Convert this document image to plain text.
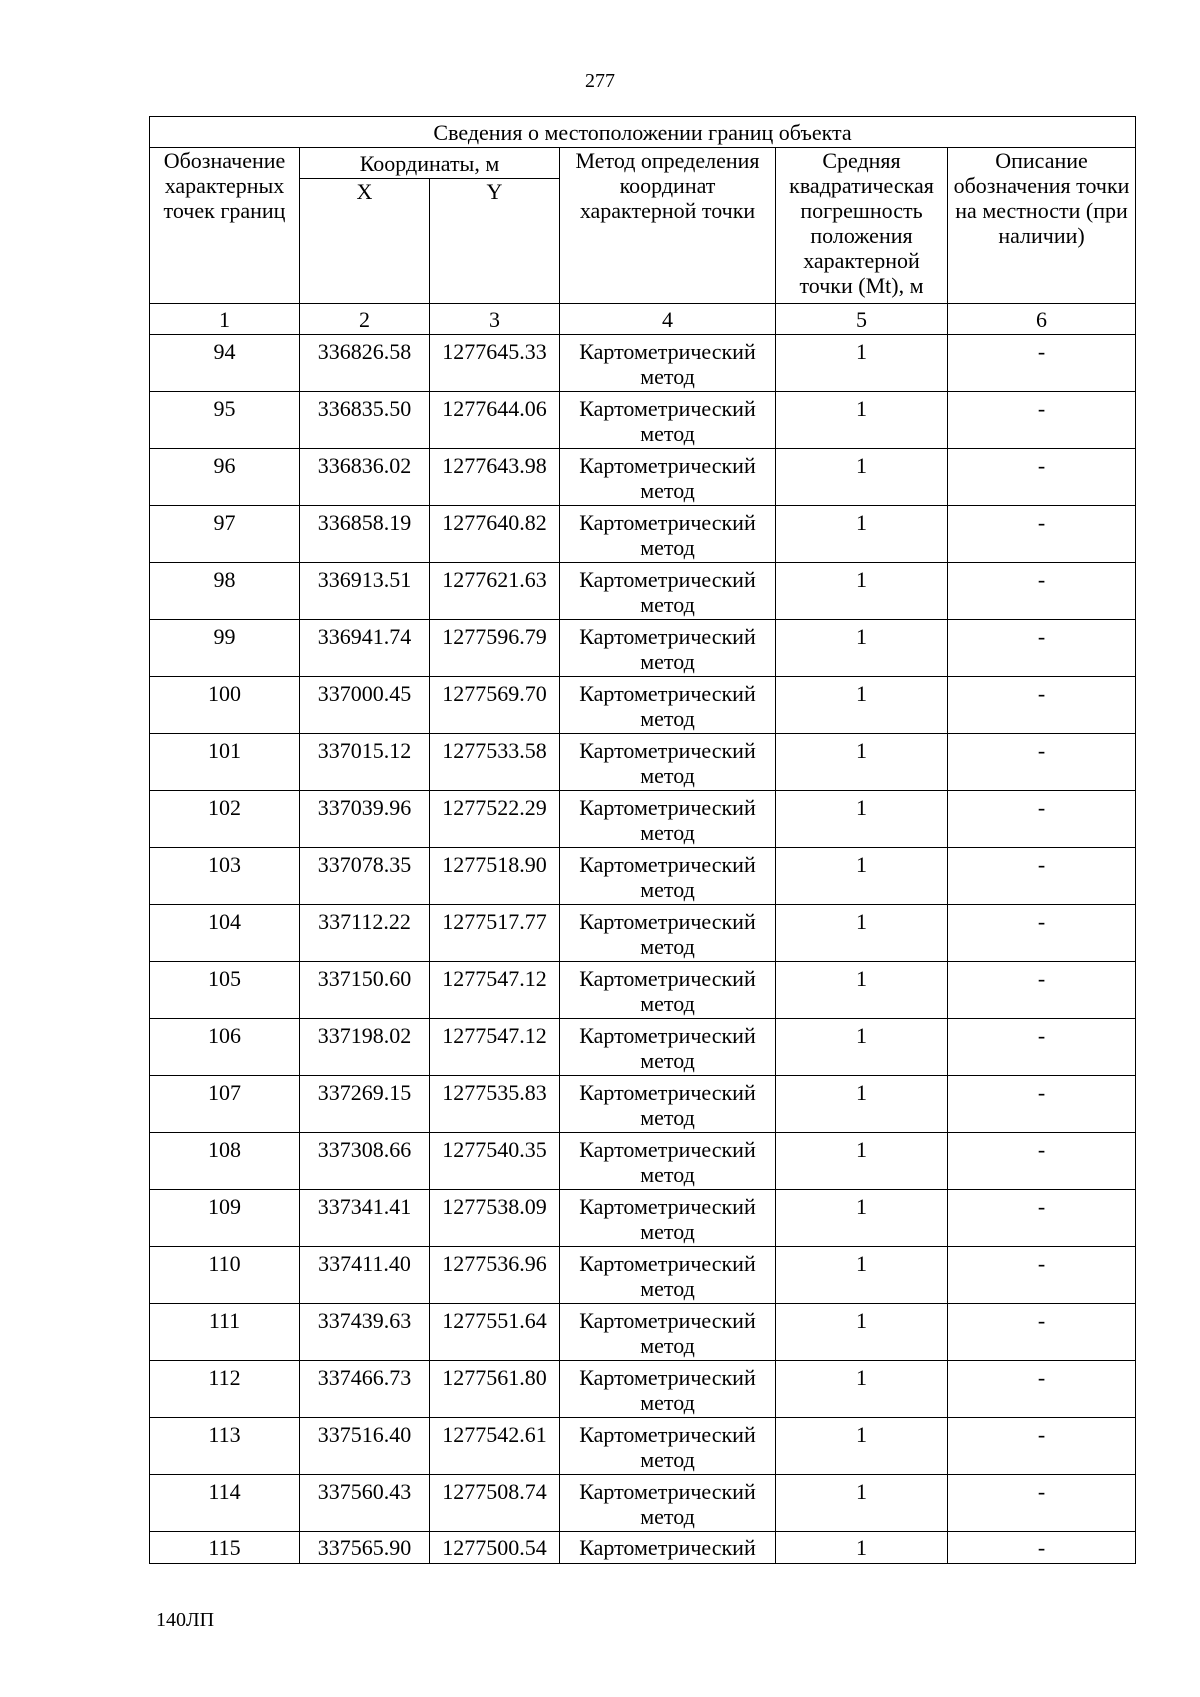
277
Сведения о местоположении границ объекта					
Обозначение характерных точек границ	Координаты, м		Метод определения координат характерной точки	Средняя квадратическая погрешность положения характерной точки (Mt), м	Описание обозначения точки на местности (при наличии)
	X	Y			
1	2	3	4	5	6
94	336826.58	1277645.33	Картометрический метод	1	-
95	336835.50	1277644.06	Картометрический метод	1	-
96	336836.02	1277643.98	Картометрический метод	1	-
97	336858.19	1277640.82	Картометрический метод	1	-
98	336913.51	1277621.63	Картометрический метод	1	-
99	336941.74	1277596.79	Картометрический метод	1	-
100	337000.45	1277569.70	Картометрический метод	1	-
101	337015.12	1277533.58	Картометрический метод	1	-
102	337039.96	1277522.29	Картометрический метод	1	-
103	337078.35	1277518.90	Картометрический метод	1	-
104	337112.22	1277517.77	Картометрический метод	1	-
105	337150.60	1277547.12	Картометрический метод	1	-
106	337198.02	1277547.12	Картометрический метод	1	-
107	337269.15	1277535.83	Картометрический метод	1	-
108	337308.66	1277540.35	Картометрический метод	1	-
109	337341.41	1277538.09	Картометрический метод	1	-
110	337411.40	1277536.96	Картометрический метод	1	-
111	337439.63	1277551.64	Картометрический метод	1	-
112	337466.73	1277561.80	Картометрический метод	1	-
113	337516.40	1277542.61	Картометрический метод	1	-
114	337560.43	1277508.74	Картометрический метод	1	-
115	337565.90	1277500.54	Картометрический	1	-
140ЛП
